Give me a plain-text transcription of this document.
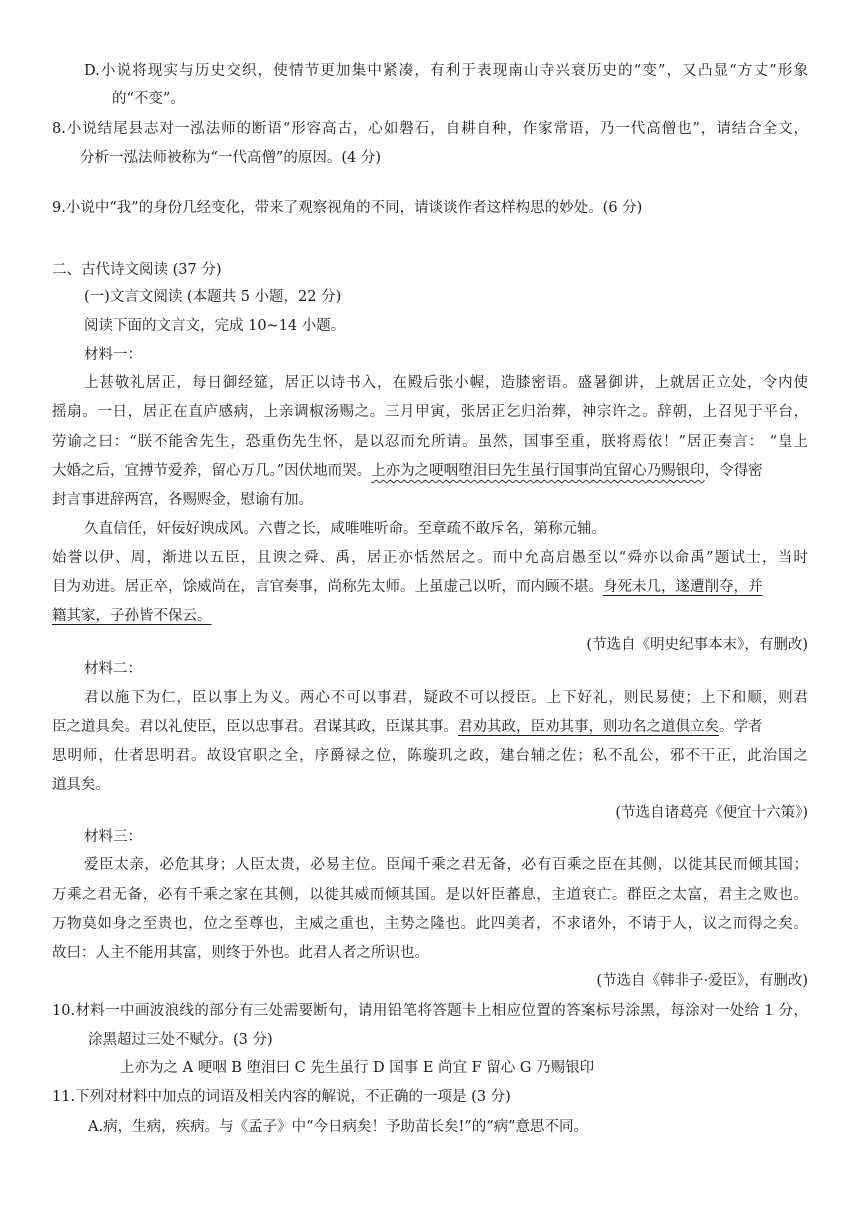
D.小说将现实与历史交织，使情节更加集中紧凑，有利于表现南山寺兴衰历史的“变”，又凸显“方丈”形象
的“不变”。
8.小说结尾县志对一泓法师的断语“形容高古，心如磐石，自耕自种，作家常语，乃一代高僧也”，请结合全文，
分析一泓法师被称为“一代高僧”的原因。(4 分)
9.小说中“我”的身份几经变化，带来了观察视角的不同，请谈谈作者这样构思的妙处。(6 分)
二、古代诗文阅读 (37 分)
(一)文言文阅读 (本题共 5 小题，22 分)
阅读下面的文言文，完成 10~14 小题。
材料一：
上甚敬礼居正，每日御经筵，居正以诗书入，在殿后张小幄，造膝密语。盛暑御讲，上就居正立处，令内使
摇扇。一日，居正在直庐感病，上亲调椒汤赐之。三月甲寅，张居正乞归治葬，神宗许之。辞朝，上召见于平台，
劳谕之曰：“朕不能舍先生，恐重伤先生怀，是以忍而允所请。虽然，国事至重，朕将焉依！”居正奏言： “皇上
大婚之后，宜搏节爱养，留心万几。”因伏地而哭。上亦为之哽咽堕泪曰先生虽行国事尚宜留心乃赐银印，令得密
封言事进辞两宫，各赐赆金，慰谕有加。
久直信任，奸佞好谀成风。六曹之长，咸唯唯听命。至章疏不敢斥名，第称元辅。
始誉以伊、周，渐进以五臣，且谀之舜、禹，居正亦恬然居之。而中允高启愚至以“舜亦以命禹”题试士，当时
目为劝进。居正卒，馀威尚在，言官奏事，尚称先太师。上虽虚己以听，而内顾不堪。身死未几，遂遭削夺，并
籍其家，子孙皆不保云。
(节选自《明史纪事本末》，有删改)
材料二：
君以施下为仁，臣以事上为义。两心不可以事君，疑政不可以授臣。上下好礼，则民易使；上下和顺，则君
臣之道具矣。君以礼使臣，臣以忠事君。君谋其政，臣谋其事。君劝其政，臣劝其事，则功名之道俱立矣。学者
思明师，仕者思明君。故设官职之全，序爵禄之位，陈璇玑之政，建台辅之佐；私不乱公，邪不干正，此治国之
道具矣。
(节选自诸葛亮《便宜十六策》)
材料三：
爱臣太亲，必危其身；人臣太贵，必易主位。臣闻千乘之君无备，必有百乘之臣在其侧，以徙其民而倾其国；
万乘之君无备，必有千乘之家在其侧，以徙其威而倾其国。是以奸臣蕃息，主道衰亡。群臣之太富，君主之败也。
万物莫如身之至贵也，位之至尊也，主威之重也，主势之隆也。此四美者，不求诸外，不请于人，议之而得之矣。
故曰：人主不能用其富，则终于外也。此君人者之所识也。
(节选自《韩非子·爱臣》，有删改)
10.材料一中画波浪线的部分有三处需要断句，请用铅笔将答题卡上相应位置的答案标号涂黑，每涂对一处给 1 分，
涂黑超过三处不赋分。(3 分)
上亦为之 A 哽咽 B 堕泪曰 C 先生虽行 D 国事 E 尚宜 F 留心 G 乃赐银印
11.下列对材料中加点的词语及相关内容的解说，不正确的一项是 (3 分)
A.病，生病，疾病。与《孟子》中“今日病矣！予助苗长矣!”的“病”意思不同。
